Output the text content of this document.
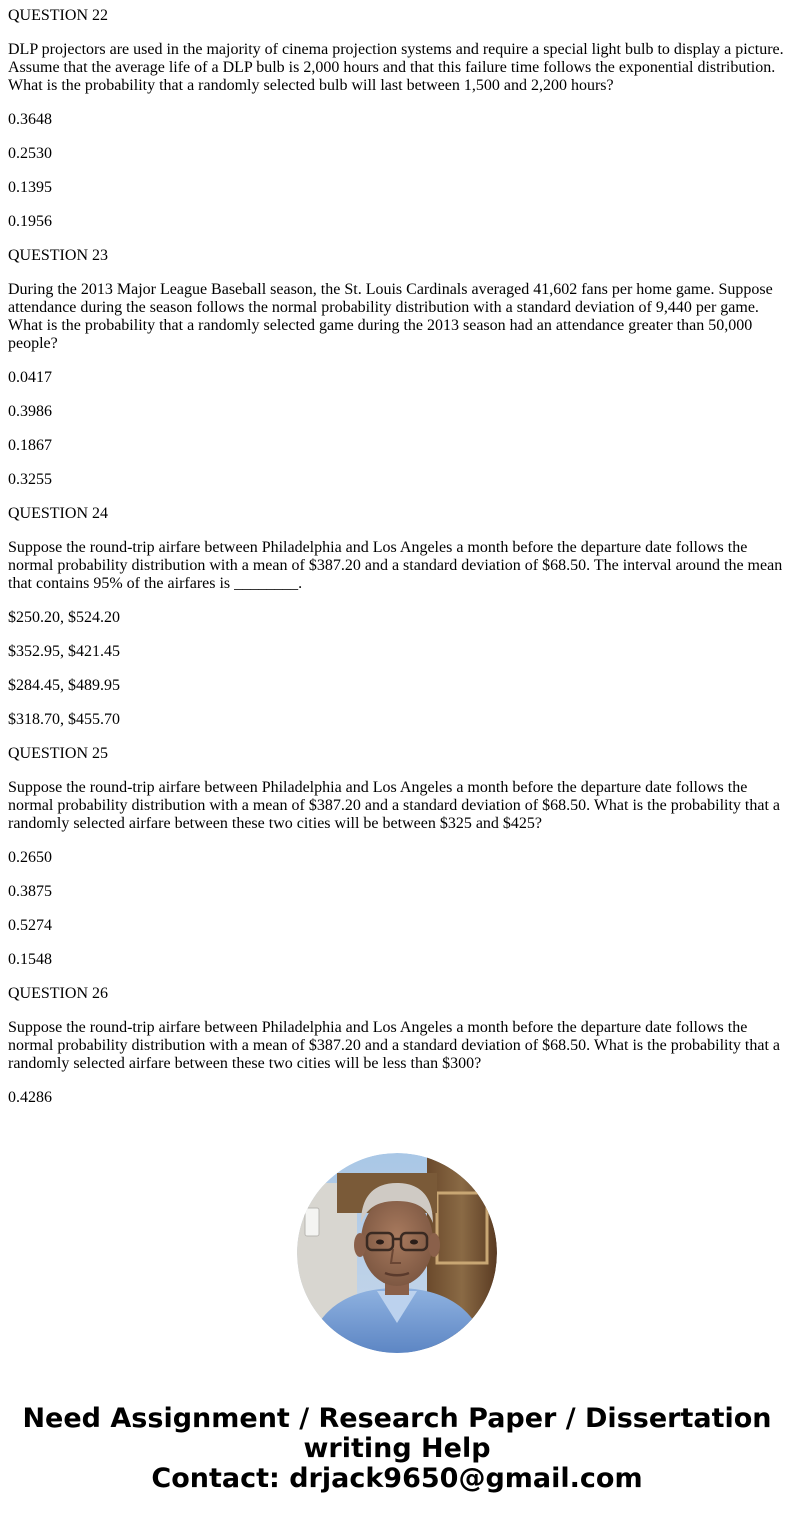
QUESTION 22

DLP projectors are used in the majority of cinema projection systems and require a special light bulb to display a picture. Assume that the average life of a DLP bulb is 2,000 hours and that this failure time follows the exponential distribution. What is the probability that a randomly selected bulb will last between 1,500 and 2,200 hours?

0.3648

0.2530

0.1395

0.1956

QUESTION 23

During the 2013 Major League Baseball season, the St. Louis Cardinals averaged 41,602 fans per home game. Suppose attendance during the season follows the normal probability distribution with a standard deviation of 9,440 per game. What is the probability that a randomly selected game during the 2013 season had an attendance greater than 50,000 people?

0.0417

0.3986

0.1867

0.3255

QUESTION 24

Suppose the round-trip airfare between Philadelphia and Los Angeles a month before the departure date follows the normal probability distribution with a mean of $387.20 and a standard deviation of $68.50. The interval around the mean that contains 95% of the airfares is ________.

$250.20, $524.20

$352.95, $421.45

$284.45, $489.95

$318.70, $455.70

QUESTION 25

Suppose the round-trip airfare between Philadelphia and Los Angeles a month before the departure date follows the normal probability distribution with a mean of $387.20 and a standard deviation of $68.50. What is the probability that a randomly selected airfare between these two cities will be between $325 and $425?

0.2650

0.3875

0.5274

0.1548

QUESTION 26

Suppose the round-trip airfare between Philadelphia and Los Angeles a month before the departure date follows the normal probability distribution with a mean of $387.20 and a standard deviation of $68.50. What is the probability that a randomly selected airfare between these two cities will be less than $300?

0.4286

Need Assignment / Research Paper / Dissertation
writing Help
Contact: drjack9650@gmail.com
